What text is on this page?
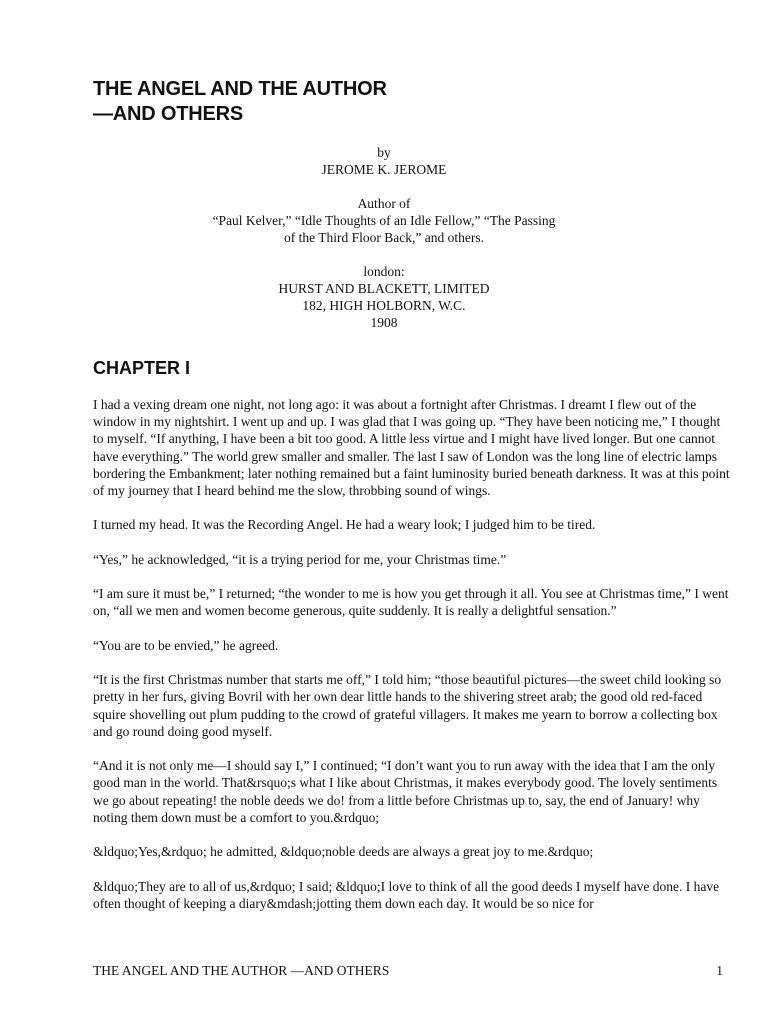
THE ANGEL AND THE AUTHOR
—AND OTHERS
by
JEROME K. JEROME
Author of
“Paul Kelver,” “Idle Thoughts of an Idle Fellow,” “The Passing
of the Third Floor Back,” and others.
london:
HURST AND BLACKETT, LIMITED
182, HIGH HOLBORN, W.C.
1908
CHAPTER I

I had a vexing dream one night, not long ago: it was about a fortnight after Christmas. I dreamt I flew out of the window in my nightshirt. I went up and up. I was glad that I was going up. “They have been noticing me,” I thought to myself. “If anything, I have been a bit too good. A little less virtue and I might have lived longer. But one cannot have everything.” The world grew smaller and smaller. The last I saw of London was the long line of electric lamps bordering the Embankment; later nothing remained but a faint luminosity buried beneath darkness. It was at this point of my journey that I heard behind me the slow, throbbing sound of wings.

I turned my head. It was the Recording Angel. He had a weary look; I judged him to be tired.

“Yes,” he acknowledged, “it is a trying period for me, your Christmas time.”

“I am sure it must be,” I returned; “the wonder to me is how you get through it all. You see at Christmas time,” I went on, “all we men and women become generous, quite suddenly. It is really a delightful sensation.”

“You are to be envied,” he agreed.

“It is the first Christmas number that starts me off,” I told him; “those beautiful pictures—the sweet child looking so pretty in her furs, giving Bovril with her own dear little hands to the shivering street arab; the good old red-faced squire shovelling out plum pudding to the crowd of grateful villagers. It makes me yearn to borrow a collecting box and go round doing good myself.

“And it is not only me—I should say I,” I continued; “I don’t want you to run away with the idea that I am the only good man in the world. That&rsquo;s what I like about Christmas, it makes everybody good. The lovely sentiments we go about repeating! the noble deeds we do! from a little before Christmas up to, say, the end of January! why noting them down must be a comfort to you.&rdquo;

&ldquo;Yes,&rdquo; he admitted, &ldquo;noble deeds are always a great joy to me.&rdquo;

&ldquo;They are to all of us,&rdquo; I said; &ldquo;I love to think of all the good deeds I myself have done. I have often thought of keeping a diary&mdash;jotting them down each day. It would be so nice for

THE ANGEL AND THE AUTHOR —AND OTHERS	1
